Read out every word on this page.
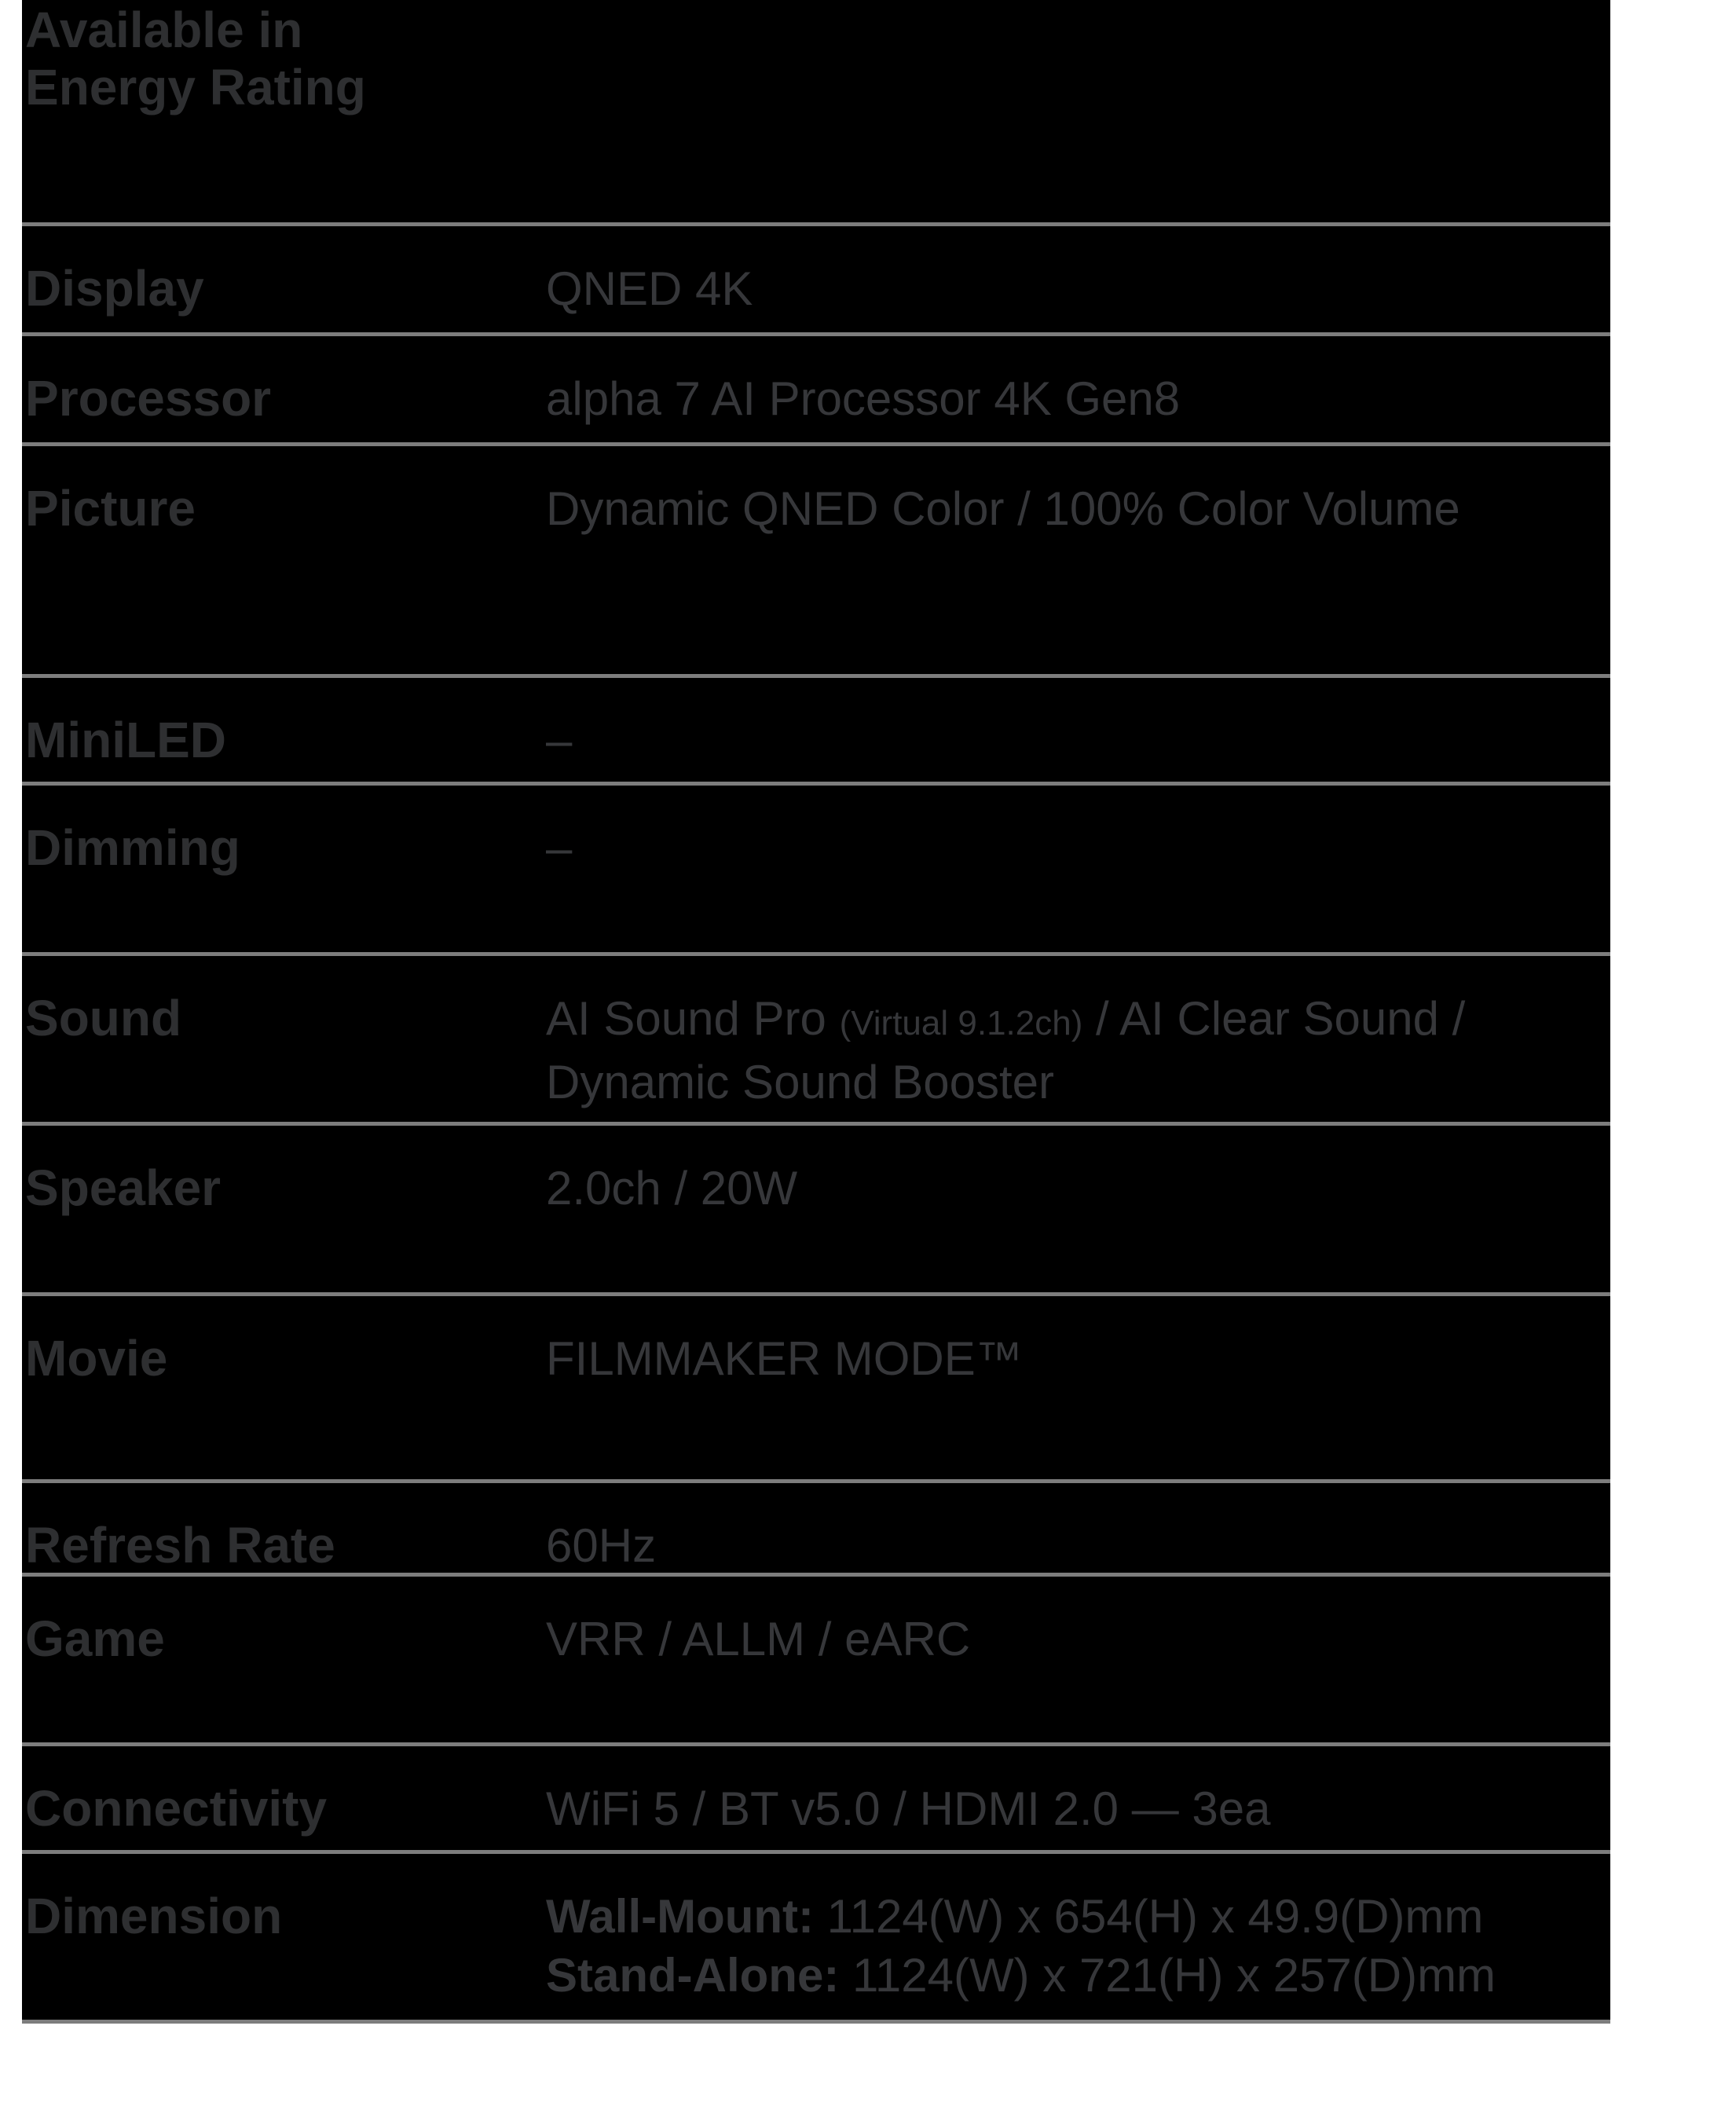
Available in
Energy Rating
Display	QNED 4K
Processor	alpha 7 AI Processor 4K Gen8
Picture	Dynamic QNED Color / 100% Color Volume
MiniLED	–
Dimming	–
Sound	AI Sound Pro (Virtual 9.1.2ch) / AI Clear Sound /
Dynamic Sound Booster
Speaker	2.0ch / 20W
Movie	FILMMAKER MODE™
Refresh Rate	60Hz
Game	VRR / ALLM / eARC
Connectivity	WiFi 5 / BT v5.0 / HDMI 2.0 — 3ea
Dimension	Wall-Mount: 1124(W) x 654(H) x 49.9(D)mm
Stand-Alone: 1124(W) x 721(H) x 257(D)mm
